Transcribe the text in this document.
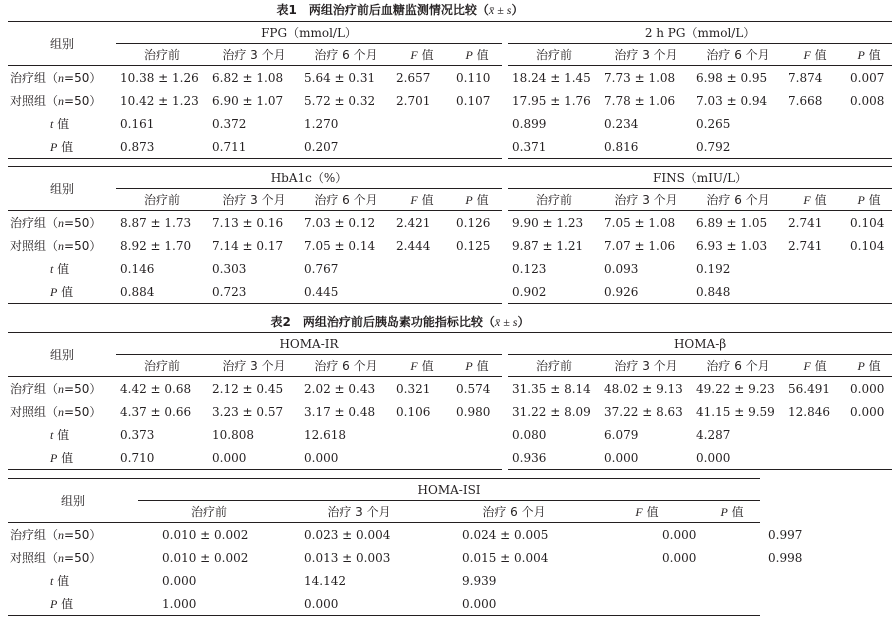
表1　两组治疗前后血糖监测情况比较（x̄ ± s）
组别	FPG（mmol/L）						2 h PG（mmol/L）				
	治疗前	治疗 3 个月	治疗 6 个月	F 值	P 值		治疗前	治疗 3 个月	治疗 6 个月	F 值	P 值
治疗组（n=50）	10.38 ± 1.26	6.82 ± 1.08	5.64 ± 0.31	2.657	0.110		18.24 ± 1.45	7.73 ± 1.08	6.98 ± 0.95	7.874	0.007
对照组（n=50）	10.42 ± 1.23	6.90 ± 1.07	5.72 ± 0.32	2.701	0.107		17.95 ± 1.76	7.78 ± 1.06	7.03 ± 0.94	7.668	0.008
t 值	0.161	0.372	1.270				0.899	0.234	0.265		
P 值	0.873	0.711	0.207				0.371	0.816	0.792		
组别	HbA1c（%）						FINS（mIU/L）				
	治疗前	治疗 3 个月	治疗 6 个月	F 值	P 值		治疗前	治疗 3 个月	治疗 6 个月	F 值	P 值
治疗组（n=50）	8.87 ± 1.73	7.13 ± 0.16	7.03 ± 0.12	2.421	0.126		9.90 ± 1.23	7.05 ± 1.08	6.89 ± 1.05	2.741	0.104
对照组（n=50）	8.92 ± 1.70	7.14 ± 0.17	7.05 ± 0.14	2.444	0.125		9.87 ± 1.21	7.07 ± 1.06	6.93 ± 1.03	2.741	0.104
t 值	0.146	0.303	0.767				0.123	0.093	0.192		
P 值	0.884	0.723	0.445				0.902	0.926	0.848		
表2　两组治疗前后胰岛素功能指标比较（x̄ ± s）
组别	HOMA-IR						HOMA-β				
	治疗前	治疗 3 个月	治疗 6 个月	F 值	P 值		治疗前	治疗 3 个月	治疗 6 个月	F 值	P 值
治疗组（n=50）	4.42 ± 0.68	2.12 ± 0.45	2.02 ± 0.43	0.321	0.574		31.35 ± 8.14	48.02 ± 9.13	49.22 ± 9.23	56.491	0.000
对照组（n=50）	4.37 ± 0.66	3.23 ± 0.57	3.17 ± 0.48	0.106	0.980		31.22 ± 8.09	37.22 ± 8.63	41.15 ± 9.59	12.846	0.000
t 值	0.373	10.808	12.618				0.080	6.079	4.287		
P 值	0.710	0.000	0.000				0.936	0.000	0.000		
组别	HOMA-ISI				
	治疗前	治疗 3 个月	治疗 6 个月	F 值	P 值
治疗组（n=50）	0.010 ± 0.002	0.023 ± 0.004	0.024 ± 0.005	0.000	0.997
对照组（n=50）	0.010 ± 0.002	0.013 ± 0.003	0.015 ± 0.004	0.000	0.998
t 值	0.000	14.142	9.939		
P 值	1.000	0.000	0.000		
